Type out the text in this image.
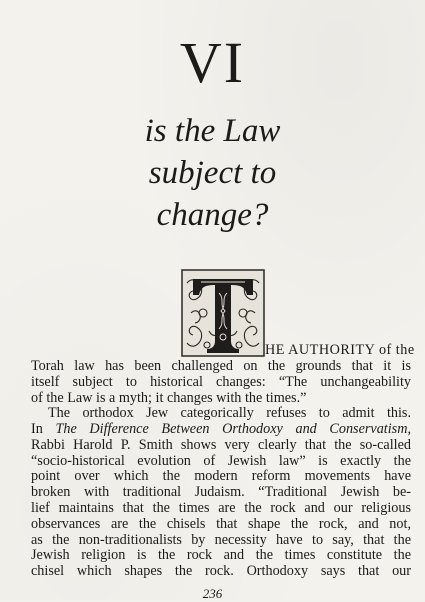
VI
is the Law
subject to
change?
HE AUTHORITY of the
Torah law has been challenged on the grounds that it is
itself subject to historical changes: “The unchangeability
of the Law is a myth; it changes with the times.”
The orthodox Jew categorically refuses to admit this.
In The Difference Between Orthodoxy and Conservatism,
Rabbi Harold P. Smith shows very clearly that the so-called
“socio-historical evolution of Jewish law” is exactly the
point over which the modern reform movements have
broken with traditional Judaism. “Traditional Jewish be-
lief maintains that the times are the rock and our religious
observances are the chisels that shape the rock, and not,
as the non-traditionalists by necessity have to say, that the
236
Jewish religion is the rock and the times constitute the
chisel which shapes the rock. Orthodoxy says that our
